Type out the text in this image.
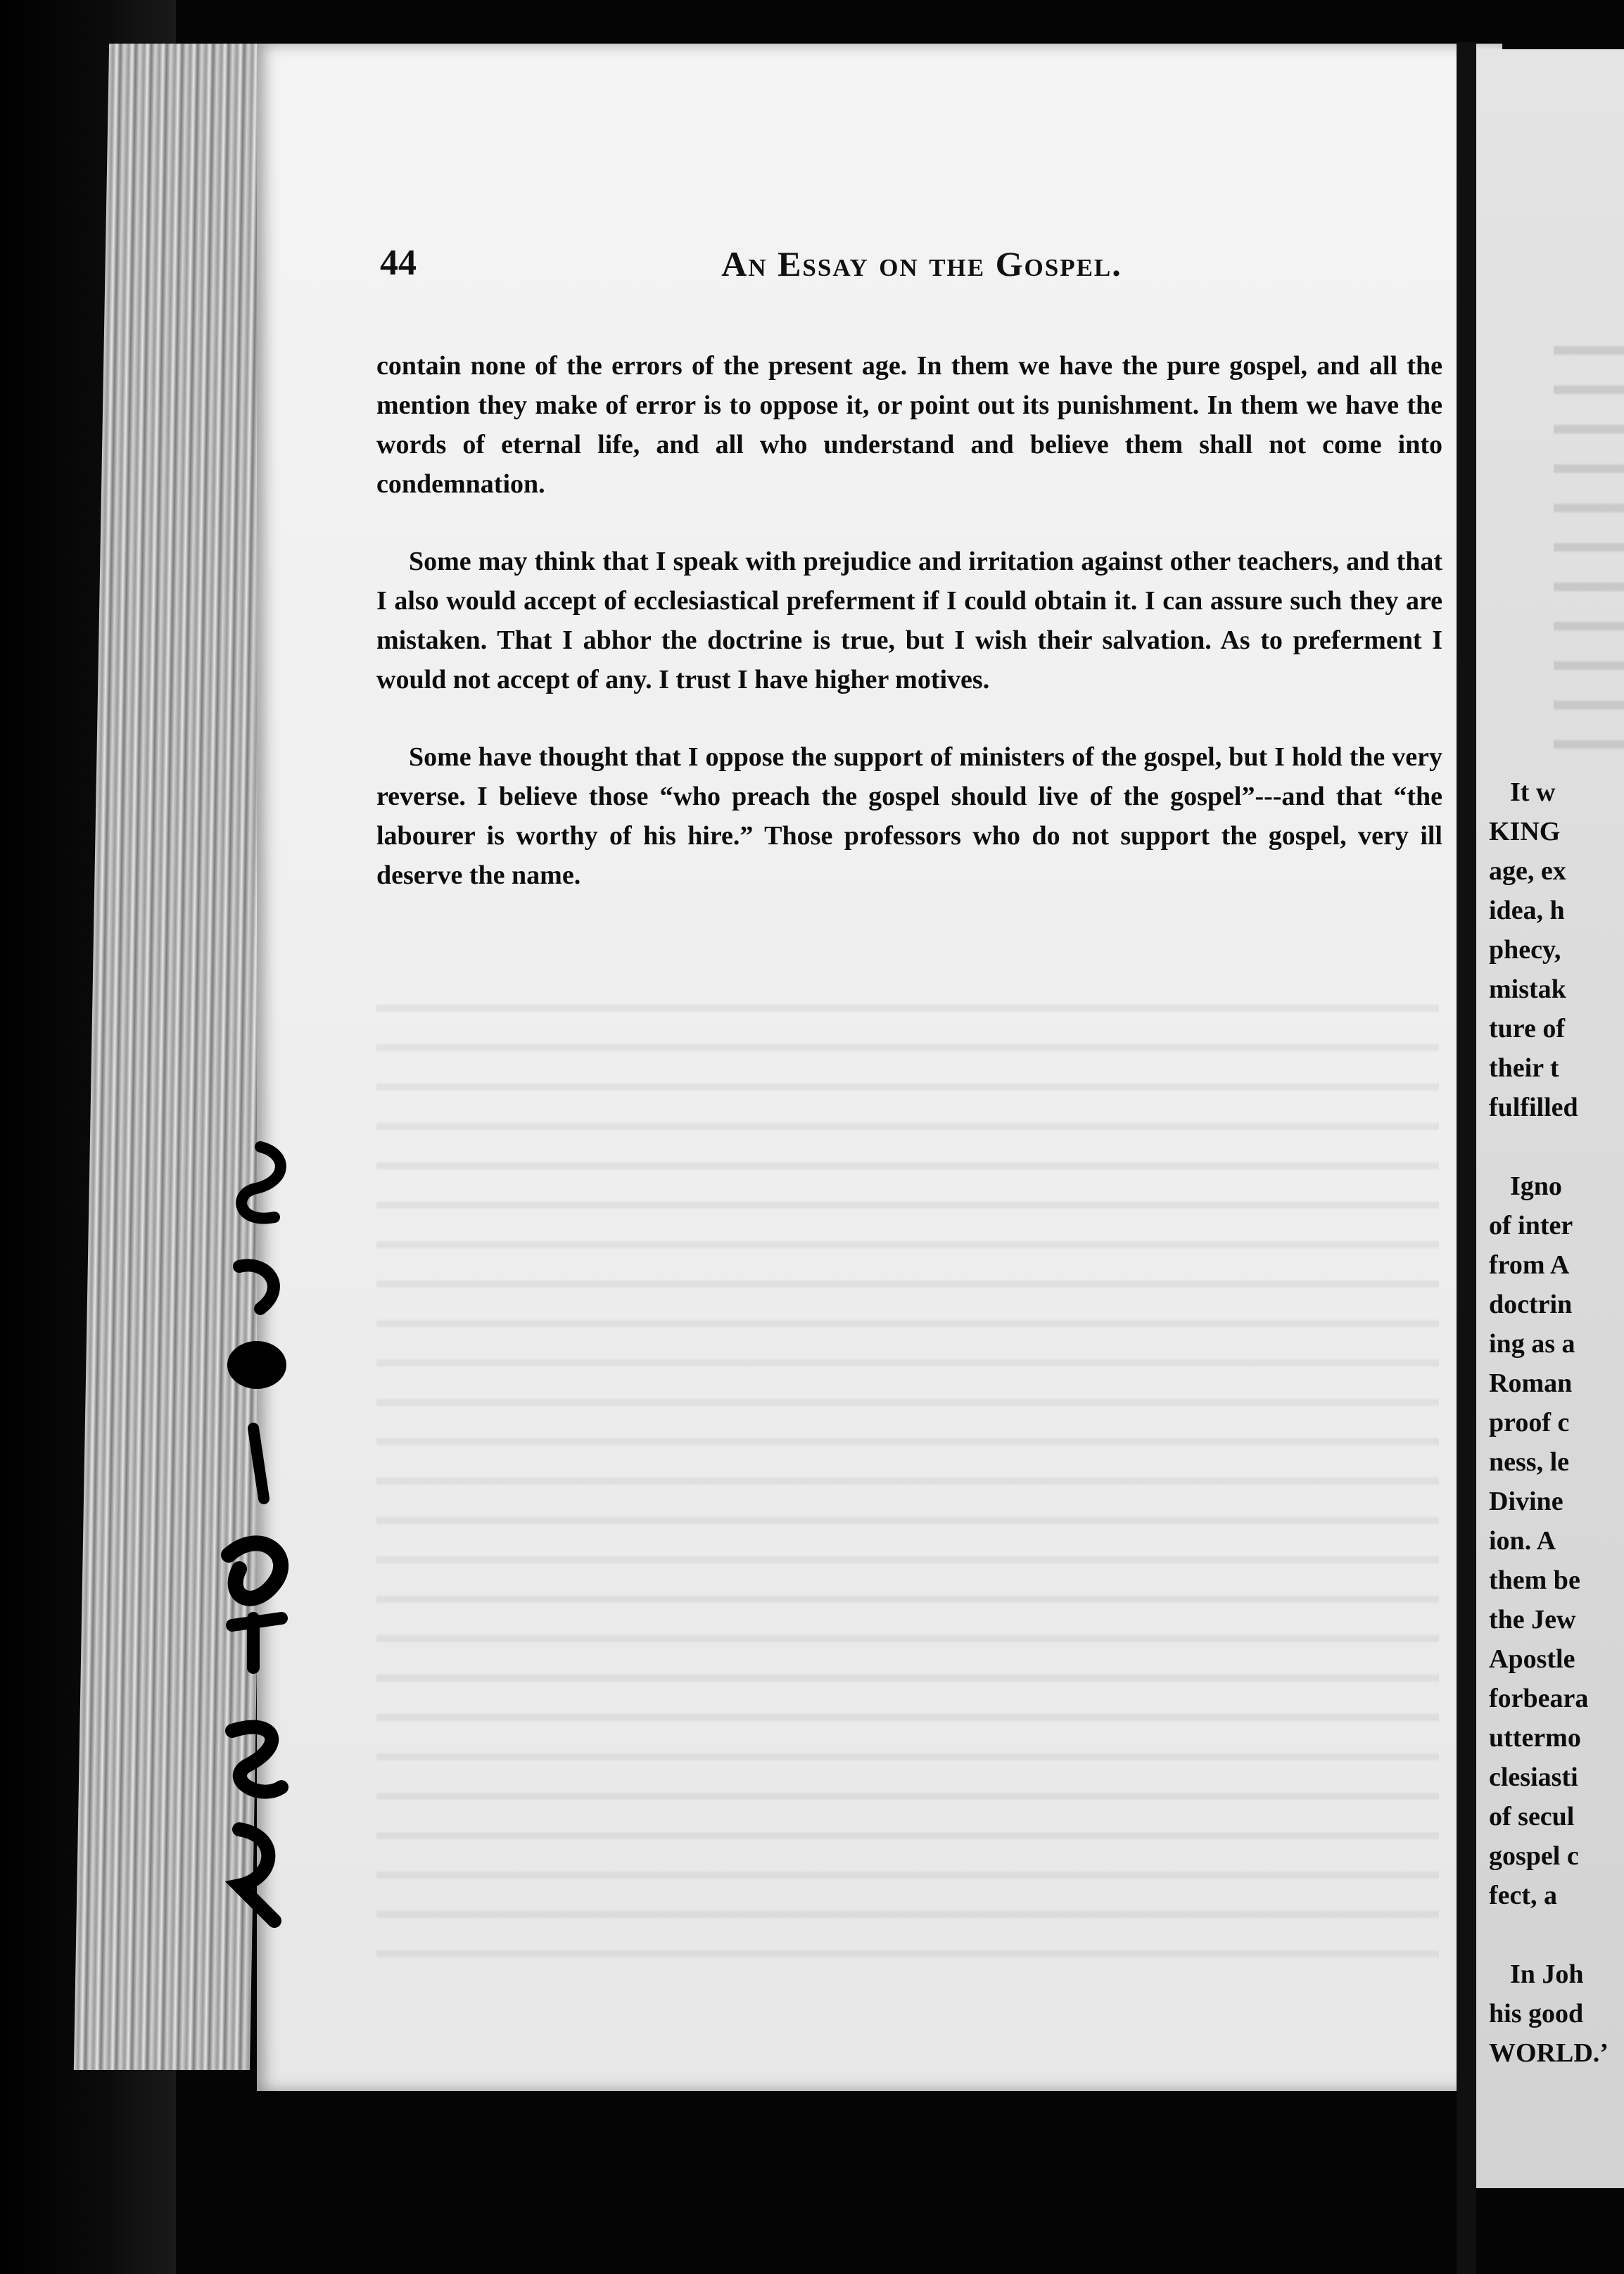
44	An Essay on the Gospel.

contain none of the errors of the present age. In them we have the pure gospel, and all the mention they make of error is to oppose it, or point out its punishment. In them we have the words of eternal life, and all who understand and believe them shall not come into condemnation.

Some may think that I speak with prejudice and irritation against other teachers, and that I also would accept of ecclesiastical preferment if I could obtain it. I can assure such they are mistaken. That I abhor the doctrine is true, but I wish their salvation. As to preferment I would not accept of any. I trust I have higher motives.

Some have thought that I oppose the support of ministers of the gospel, but I hold the very reverse. I believe those “who preach the gospel should live of the gospel”---and that “the labourer is worthy of his hire.” Those professors who do not support the gospel, very ill deserve the name.

It w
KING
age, ex
idea, h
phecy,
mistak
ture of
their t
fulfilled
Igno
of inter
from A
doctrin
ing as a
Roman
proof c
ness, le
Divine
ion. A
them be
the Jew
Apostle
forbeara
uttermo
clesiasti
of secul
gospel c
fect, a
In Joh
his good
WORLD.’
